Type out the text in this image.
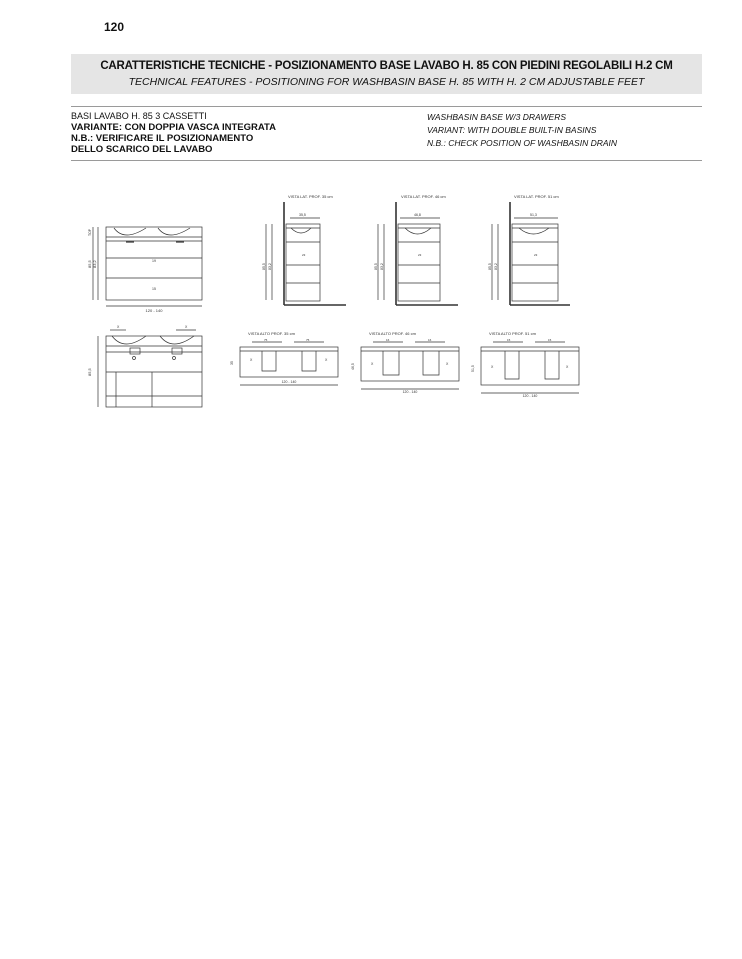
120
CARATTERISTICHE TECNICHE - POSIZIONAMENTO BASE LAVABO H. 85 CON PIEDINI REGOLABILI H.2 CM
TECHNICAL FEATURES - POSITIONING FOR WASHBASIN BASE H. 85 WITH H. 2 CM ADJUSTABLE FEET
BASI LAVABO H. 85 3 CASSETTI
VARIANTE: CON DOPPIA VASCA INTEGRATA
N.B.: VERIFICARE IL POSIZIONAMENTO
DELLO SCARICO DEL LAVABO
WASHBASIN BASE W/3 DRAWERS
VARIANT: WITH DOUBLE BUILT-IN BASINS
N.B.: CHECK POSITION OF WASHBASIN DRAIN
120 - 140
85,5 83,2
TOP
19
15
X	X
85,5
VISTA LAT. PROF. 35 cm
35,5
85,5 83,2
23
VISTA LAT. PROF. 46 cm
46,8
85,5 83,2
23
VISTA LAT. PROF. 51 cm
51,3
85,5 83,2
23
VISTA ALTO PROF. 35 cm
75	75
120 - 140
35
X	X
VISTA ALTO PROF. 46 cm
16	16
120 - 140
46,5	X	X
VISTA ALTO PROF. 51 cm
15	15
120 - 140
51,5	X	X
